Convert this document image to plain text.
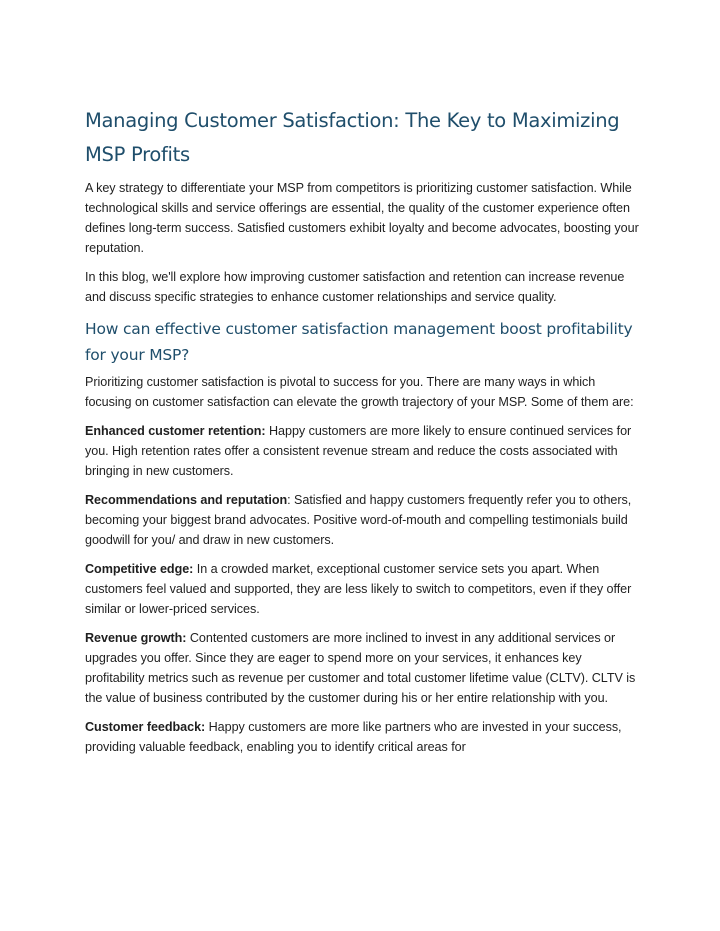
Managing Customer Satisfaction: The Key to Maximizing MSP Profits

A key strategy to differentiate your MSP from competitors is prioritizing customer satisfaction. While technological skills and service offerings are essential, the quality of the customer experience often defines long-term success. Satisfied customers exhibit loyalty and become advocates, boosting your reputation.

In this blog, we'll explore how improving customer satisfaction and retention can increase revenue and discuss specific strategies to enhance customer relationships and service quality.

How can effective customer satisfaction management boost profitability for your MSP?

Prioritizing customer satisfaction is pivotal to success for you. There are many ways in which focusing on customer satisfaction can elevate the growth trajectory of your MSP. Some of them are:

Enhanced customer retention: Happy customers are more likely to ensure continued services for you. High retention rates offer a consistent revenue stream and reduce the costs associated with bringing in new customers.

Recommendations and reputation: Satisfied and happy customers frequently refer you to others, becoming your biggest brand advocates. Positive word-of-mouth and compelling testimonials build goodwill for you/ and draw in new customers.

Competitive edge: In a crowded market, exceptional customer service sets you apart. When customers feel valued and supported, they are less likely to switch to competitors, even if they offer similar or lower-priced services.

Revenue growth: Contented customers are more inclined to invest in any additional services or upgrades you offer. Since they are eager to spend more on your services, it enhances key profitability metrics such as revenue per customer and total customer lifetime value (CLTV). CLTV is the value of business contributed by the customer during his or her entire relationship with you.

Customer feedback: Happy customers are more like partners who are invested in your success, providing valuable feedback, enabling you to identify critical areas for
